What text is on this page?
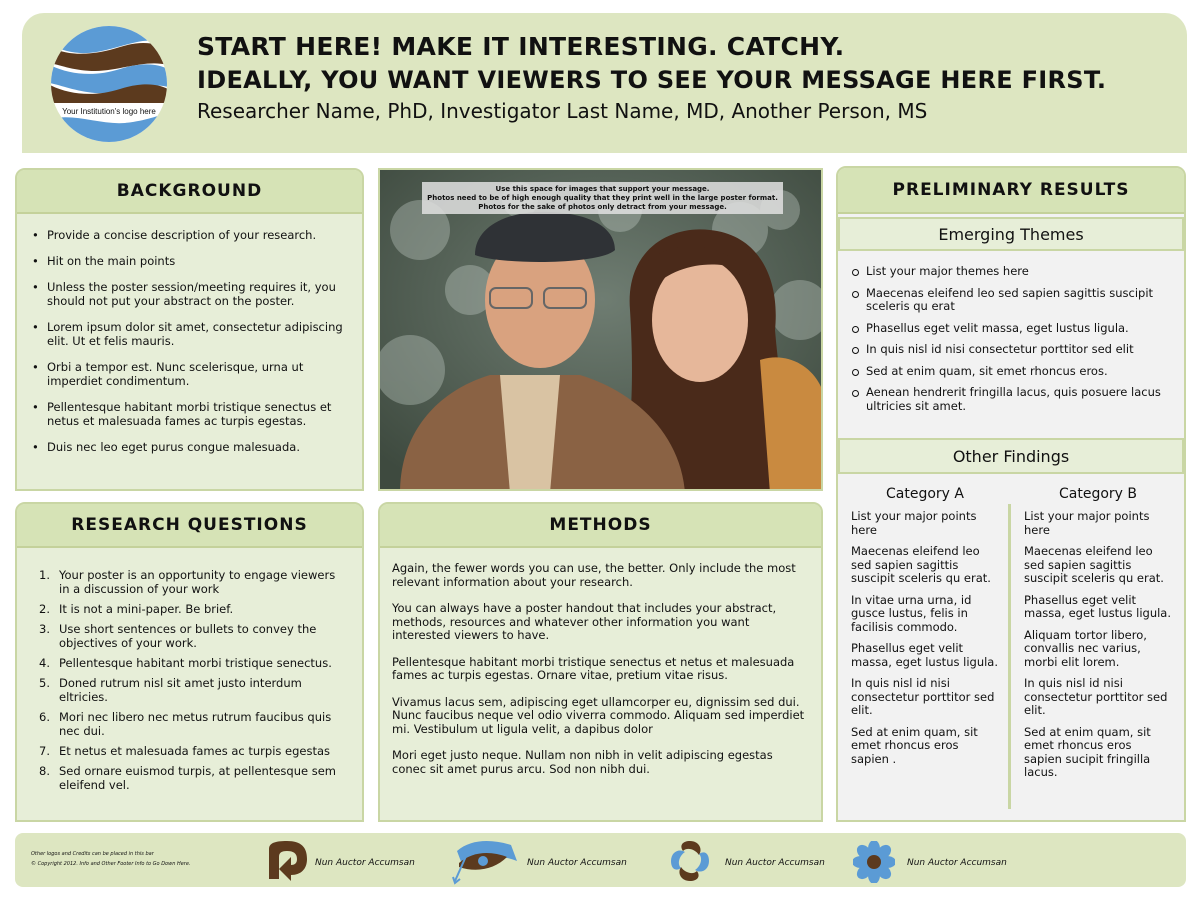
Your Institution's logo here
START HERE! MAKE IT INTERESTING. CATCHY.
IDEALLY, YOU WANT VIEWERS TO SEE YOUR MESSAGE HERE FIRST.
Researcher Name, PhD, Investigator Last Name, MD, Another Person, MS
BACKGROUND
• Provide a concise description of your research.
• Hit on the main points
• Unless the poster session/meeting requires it, you should not put your abstract on the poster.
• Lorem ipsum dolor sit amet, consectetur adipiscing elit. Ut et felis mauris.
• Orbi a tempor est. Nunc scelerisque, urna ut imperdiet condimentum.
• Pellentesque habitant morbi tristique senectus et netus et malesuada fames ac turpis egestas.
• Duis nec leo eget purus congue malesuada.
Use this space for images that support your message.
Photos need to be of high enough quality that they print well in the large poster format.
Photos for the sake of photos only detract from your message.
RESEARCH QUESTIONS
1. Your poster is an opportunity to engage viewers in a discussion of your work
2. It is not a mini-paper. Be brief.
3. Use short sentences or bullets to convey the objectives of your work.
4. Pellentesque habitant morbi tristique senectus.
5. Doned rutrum nisl sit amet justo interdum eltricies.
6. Mori nec libero nec metus rutrum faucibus quis nec dui.
7. Et netus et malesuada fames ac turpis egestas
8. Sed ornare euismod turpis, at pellentesque sem eleifend vel.
METHODS

Again, the fewer words you can use, the better. Only include the most relevant information about your research.

You can always have a poster handout that includes your abstract, methods, resources and whatever other information you want interested viewers to have.

Pellentesque habitant morbi tristique senectus et netus et malesuada fames ac turpis egestas. Ornare vitae, pretium vitae risus.

Vivamus lacus sem, adipiscing eget ullamcorper eu, dignissim sed dui. Nunc faucibus neque vel odio viverra commodo. Aliquam sed imperdiet mi. Vestibulum ut ligula velit, a dapibus dolor

Mori eget justo neque. Nullam non nibh in velit adipiscing egestas conec sit amet purus arcu. Sod non nibh dui.

PRELIMINARY RESULTS
Emerging Themes
List your major themes here
Maecenas eleifend leo sed sapien sagittis suscipit sceleris qu erat
Phasellus eget velit massa, eget lustus ligula.
In quis nisl id nisi consectetur porttitor sed elit
Sed at enim quam, sit emet rhoncus eros.
Aenean hendrerit fringilla lacus, quis posuere lacus ultricies sit amet.
Other Findings
Category A

List your major points here

Maecenas eleifend leo sed sapien sagittis suscipit sceleris qu erat.

In vitae urna urna, id gusce lustus, felis in facilisis commodo.

Phasellus eget velit massa, eget lustus ligula.

In quis nisl id nisi consectetur porttitor sed elit.

Sed at enim quam, sit emet rhoncus eros sapien .

Category B

List your major points here

Maecenas eleifend leo sed sapien sagittis suscipit sceleris qu erat.

Phasellus eget velit massa, eget lustus ligula.

Aliquam tortor libero, convallis nec varius, morbi elit lorem.

In quis nisl id nisi consectetur porttitor sed elit.

Sed at enim quam, sit emet rhoncus eros sapien sucipit fringilla lacus.

Other logos and Credits can be placed in this bar
© Copyright 2012. Info and Other Footer Info to Go Down Here.	Nun Auctor Accumsan	Nun Auctor Accumsan	Nun Auctor Accumsan	Nun Auctor Accumsan
